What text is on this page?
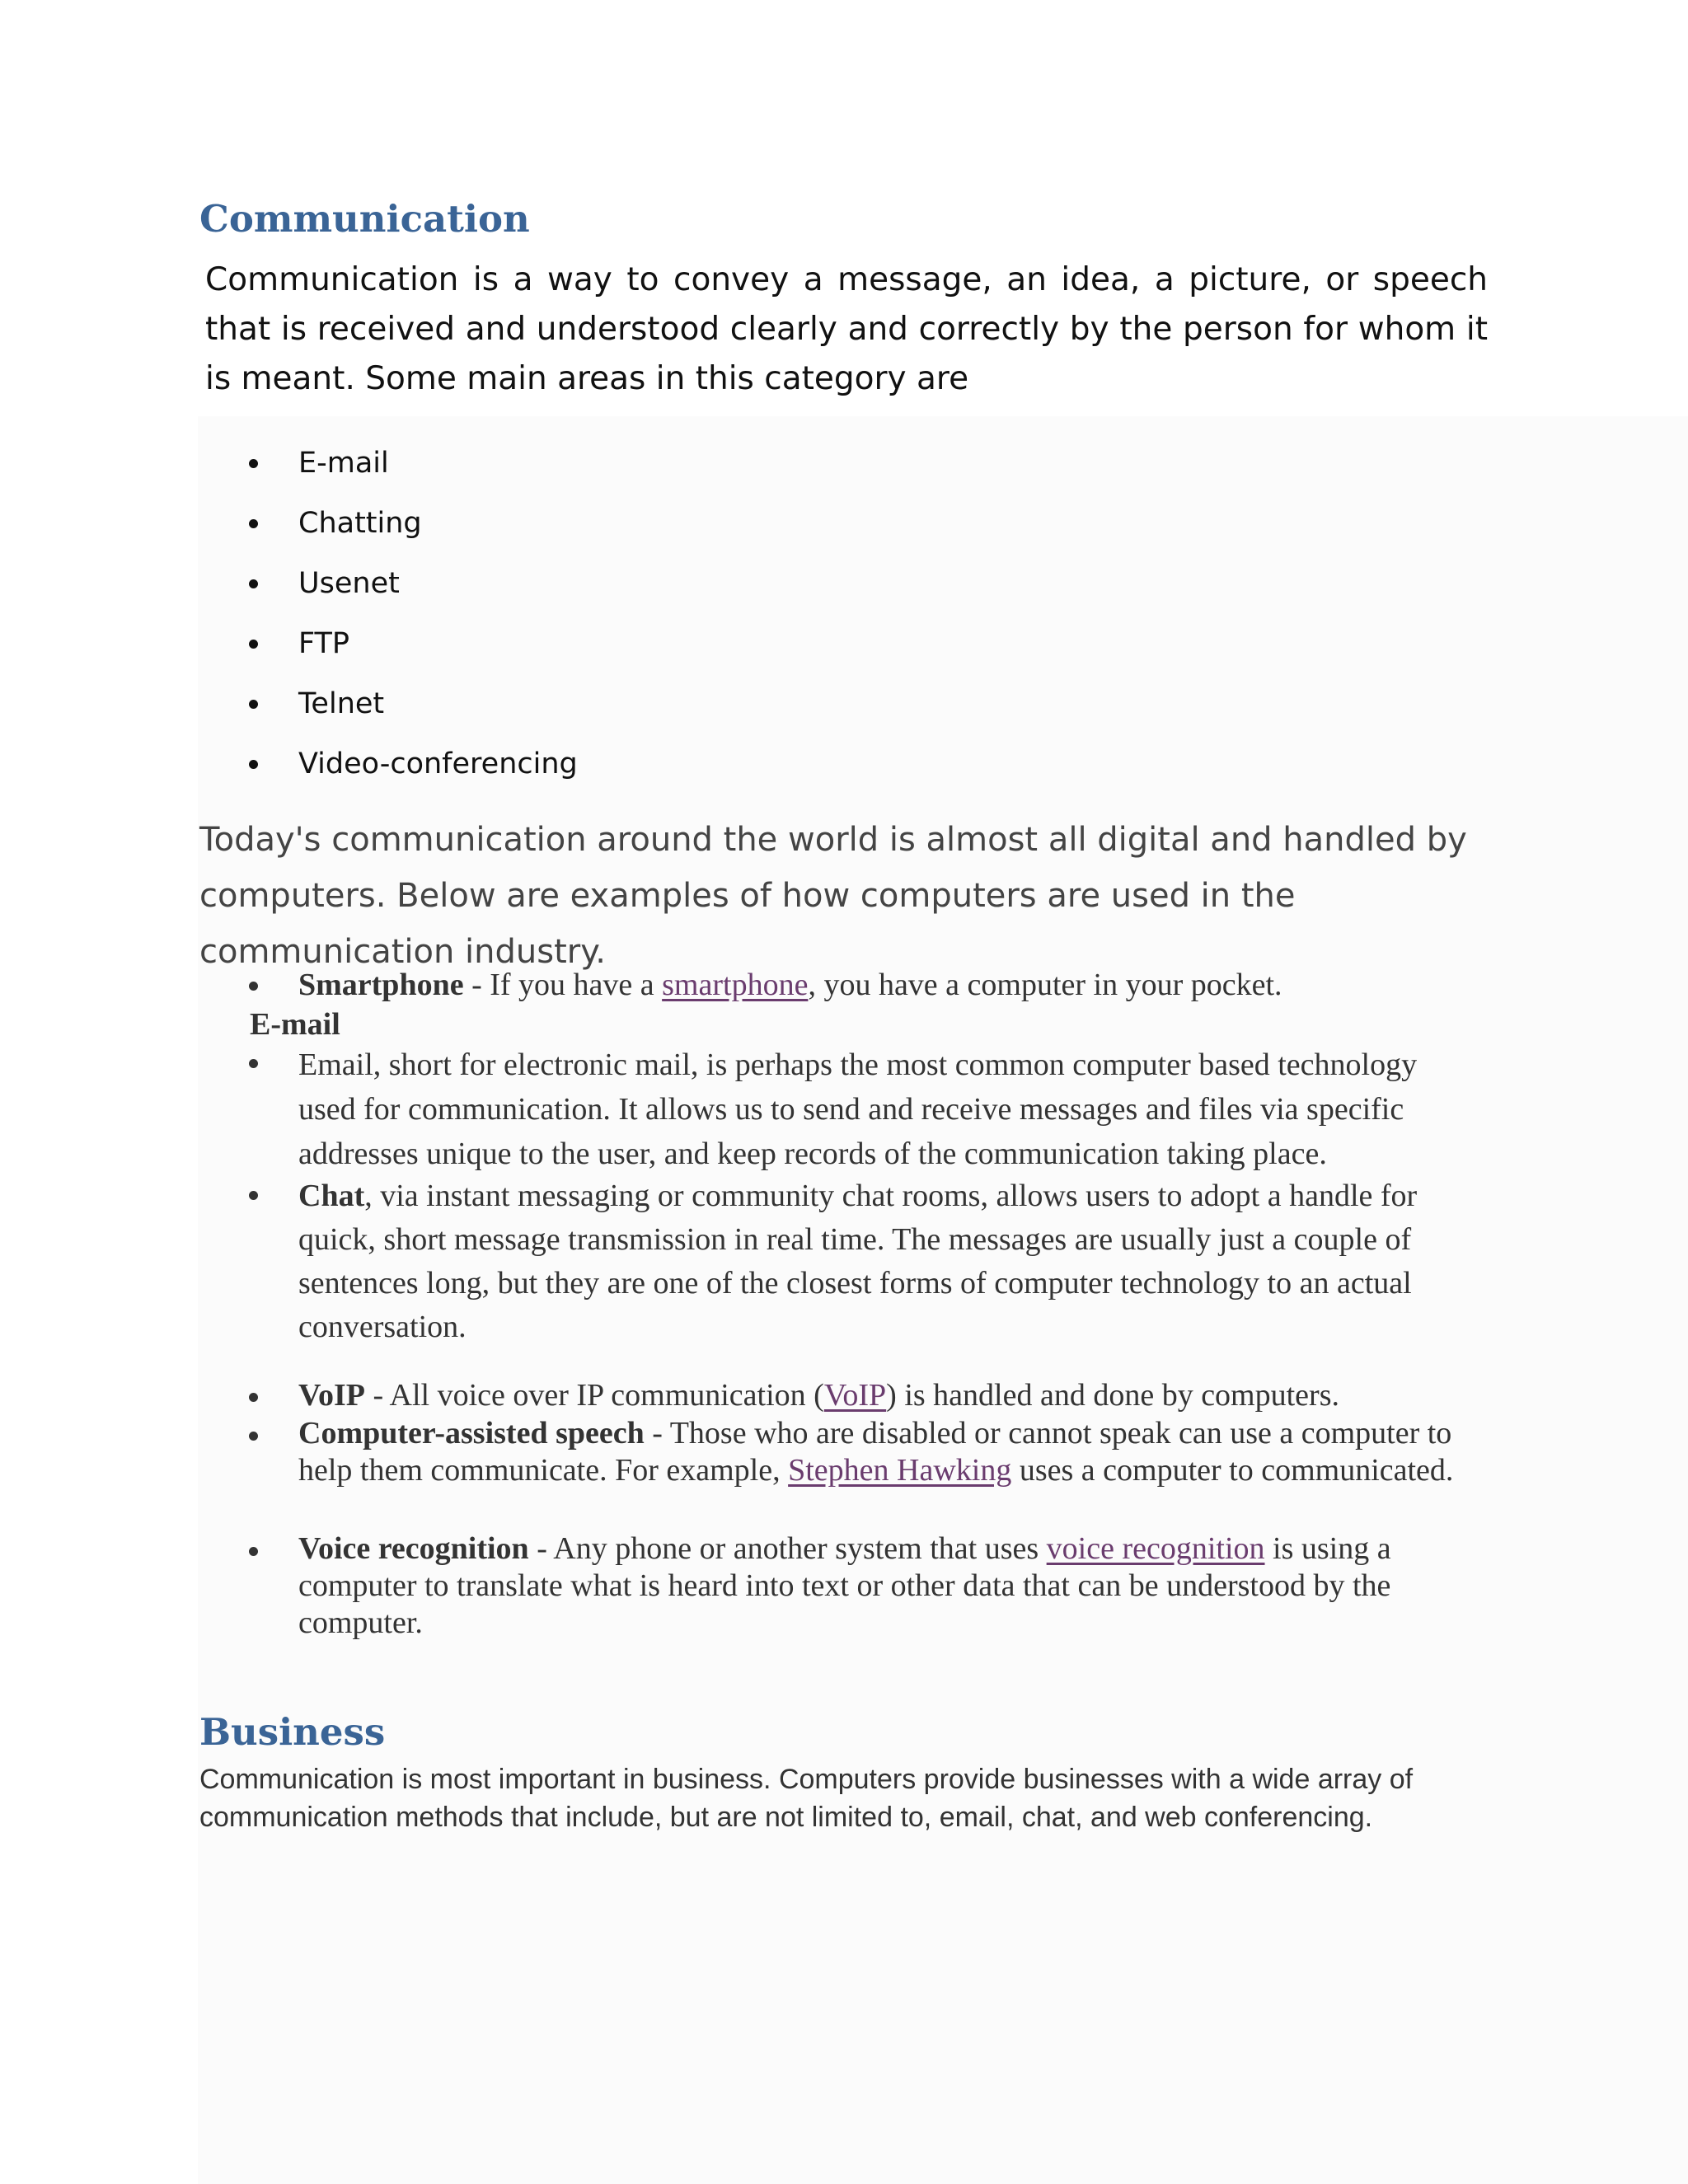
Communication

Communication is a way to convey a message, an idea, a picture, or speech that is received and understood clearly and correctly by the person for whom it is meant. Some main areas in this category are

E-mail
Chatting
Usenet
FTP
Telnet
Video-conferencing

Today's communication around the world is almost all digital and handled by computers. Below are examples of how computers are used in the communication industry.

Smartphone - If you have a smartphone, you have a computer in your pocket.

E-mail

Email, short for electronic mail, is perhaps the most common computer based technology used for communication. It allows us to send and receive messages and files via specific addresses unique to the user, and keep records of the communication taking place.

Chat, via instant messaging or community chat rooms, allows users to adopt a handle for quick, short message transmission in real time. The messages are usually just a couple of sentences long, but they are one of the closest forms of computer technology to an actual conversation.

VoIP - All voice over IP communication (VoIP) is handled and done by computers.

Computer-assisted speech - Those who are disabled or cannot speak can use a computer to help them communicate. For example, Stephen Hawking uses a computer to communicated.

Voice recognition - Any phone or another system that uses voice recognition is using a computer to translate what is heard into text or other data that can be understood by the computer.

Business

Communication is most important in business. Computers provide businesses with a wide array of communication methods that include, but are not limited to, email, chat, and web conferencing.
